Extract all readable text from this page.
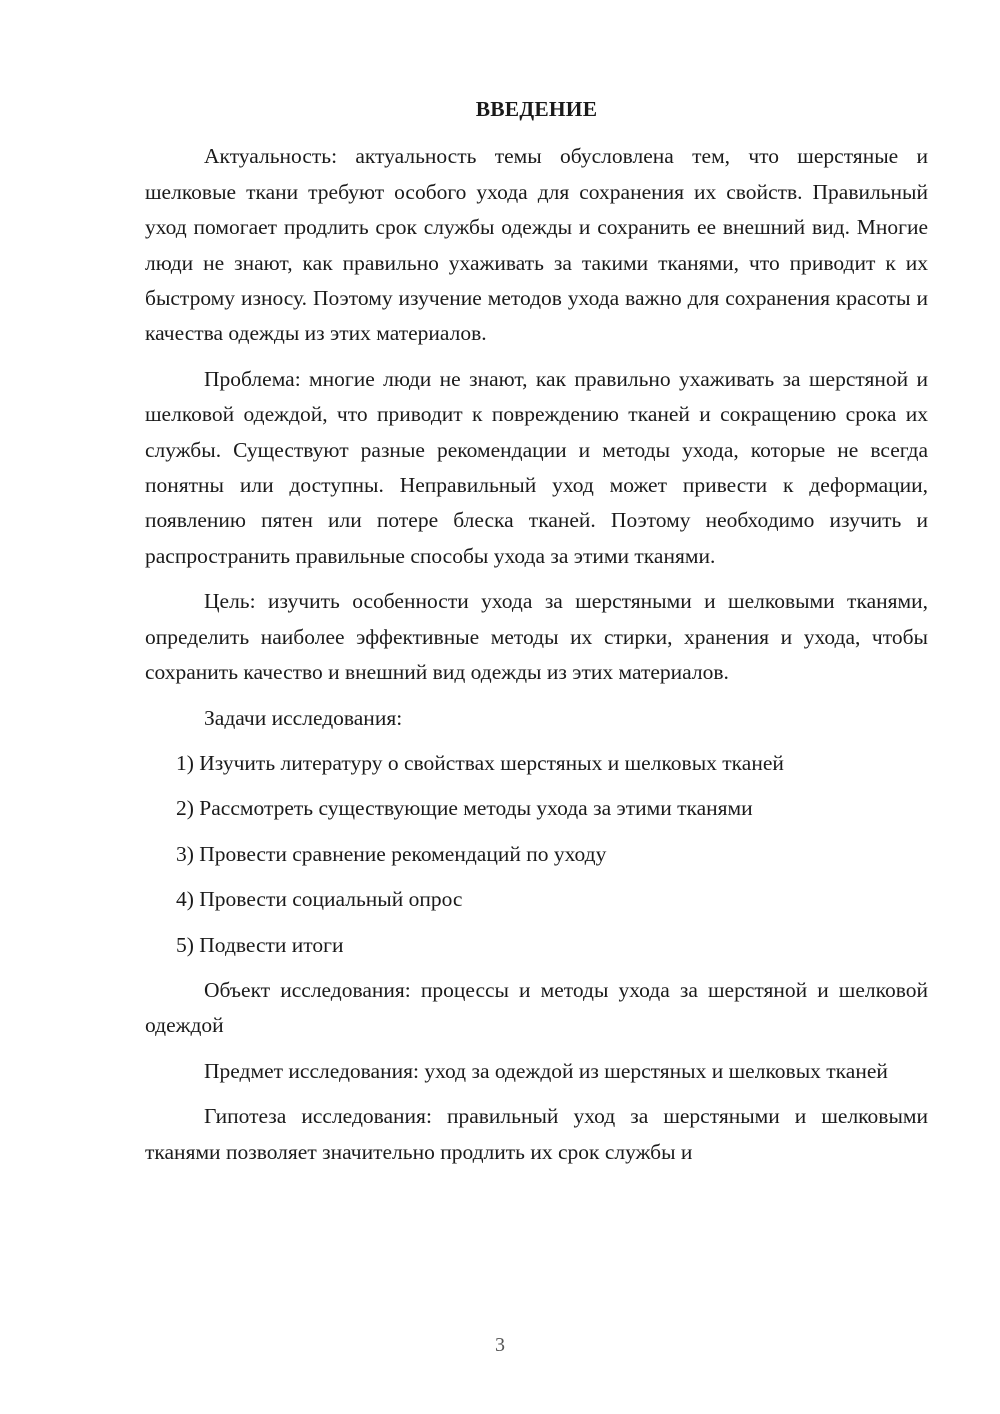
ВВЕДЕНИЕ

Актуальность: актуальность темы обусловлена тем, что шерстяные и шелковые ткани требуют особого ухода для сохранения их свойств. Правильный уход помогает продлить срок службы одежды и сохранить ее внешний вид. Многие люди не знают, как правильно ухаживать за такими тканями, что приводит к их быстрому износу. Поэтому изучение методов ухода важно для сохранения красоты и качества одежды из этих материалов.

Проблема: многие люди не знают, как правильно ухаживать за шерстяной и шелковой одеждой, что приводит к повреждению тканей и сокращению срока их службы. Существуют разные рекомендации и методы ухода, которые не всегда понятны или доступны. Неправильный уход может привести к деформации, появлению пятен или потере блеска тканей. Поэтому необходимо изучить и распространить правильные способы ухода за этими тканями.

Цель: изучить особенности ухода за шерстяными и шелковыми тканями, определить наиболее эффективные методы их стирки, хранения и ухода, чтобы сохранить качество и внешний вид одежды из этих материалов.

Задачи исследования:

1) Изучить литературу о свойствах шерстяных и шелковых тканей
2) Рассмотреть существующие методы ухода за этими тканями
3) Провести сравнение рекомендаций по уходу
4) Провести социальный опрос
5) Подвести итоги

Объект исследования: процессы и методы ухода за шерстяной и шелковой одеждой

Предмет исследования: уход за одеждой из шерстяных и шелковых тканей

Гипотеза исследования: правильный уход за шерстяными и шелковыми тканями позволяет значительно продлить их срок службы и

3
